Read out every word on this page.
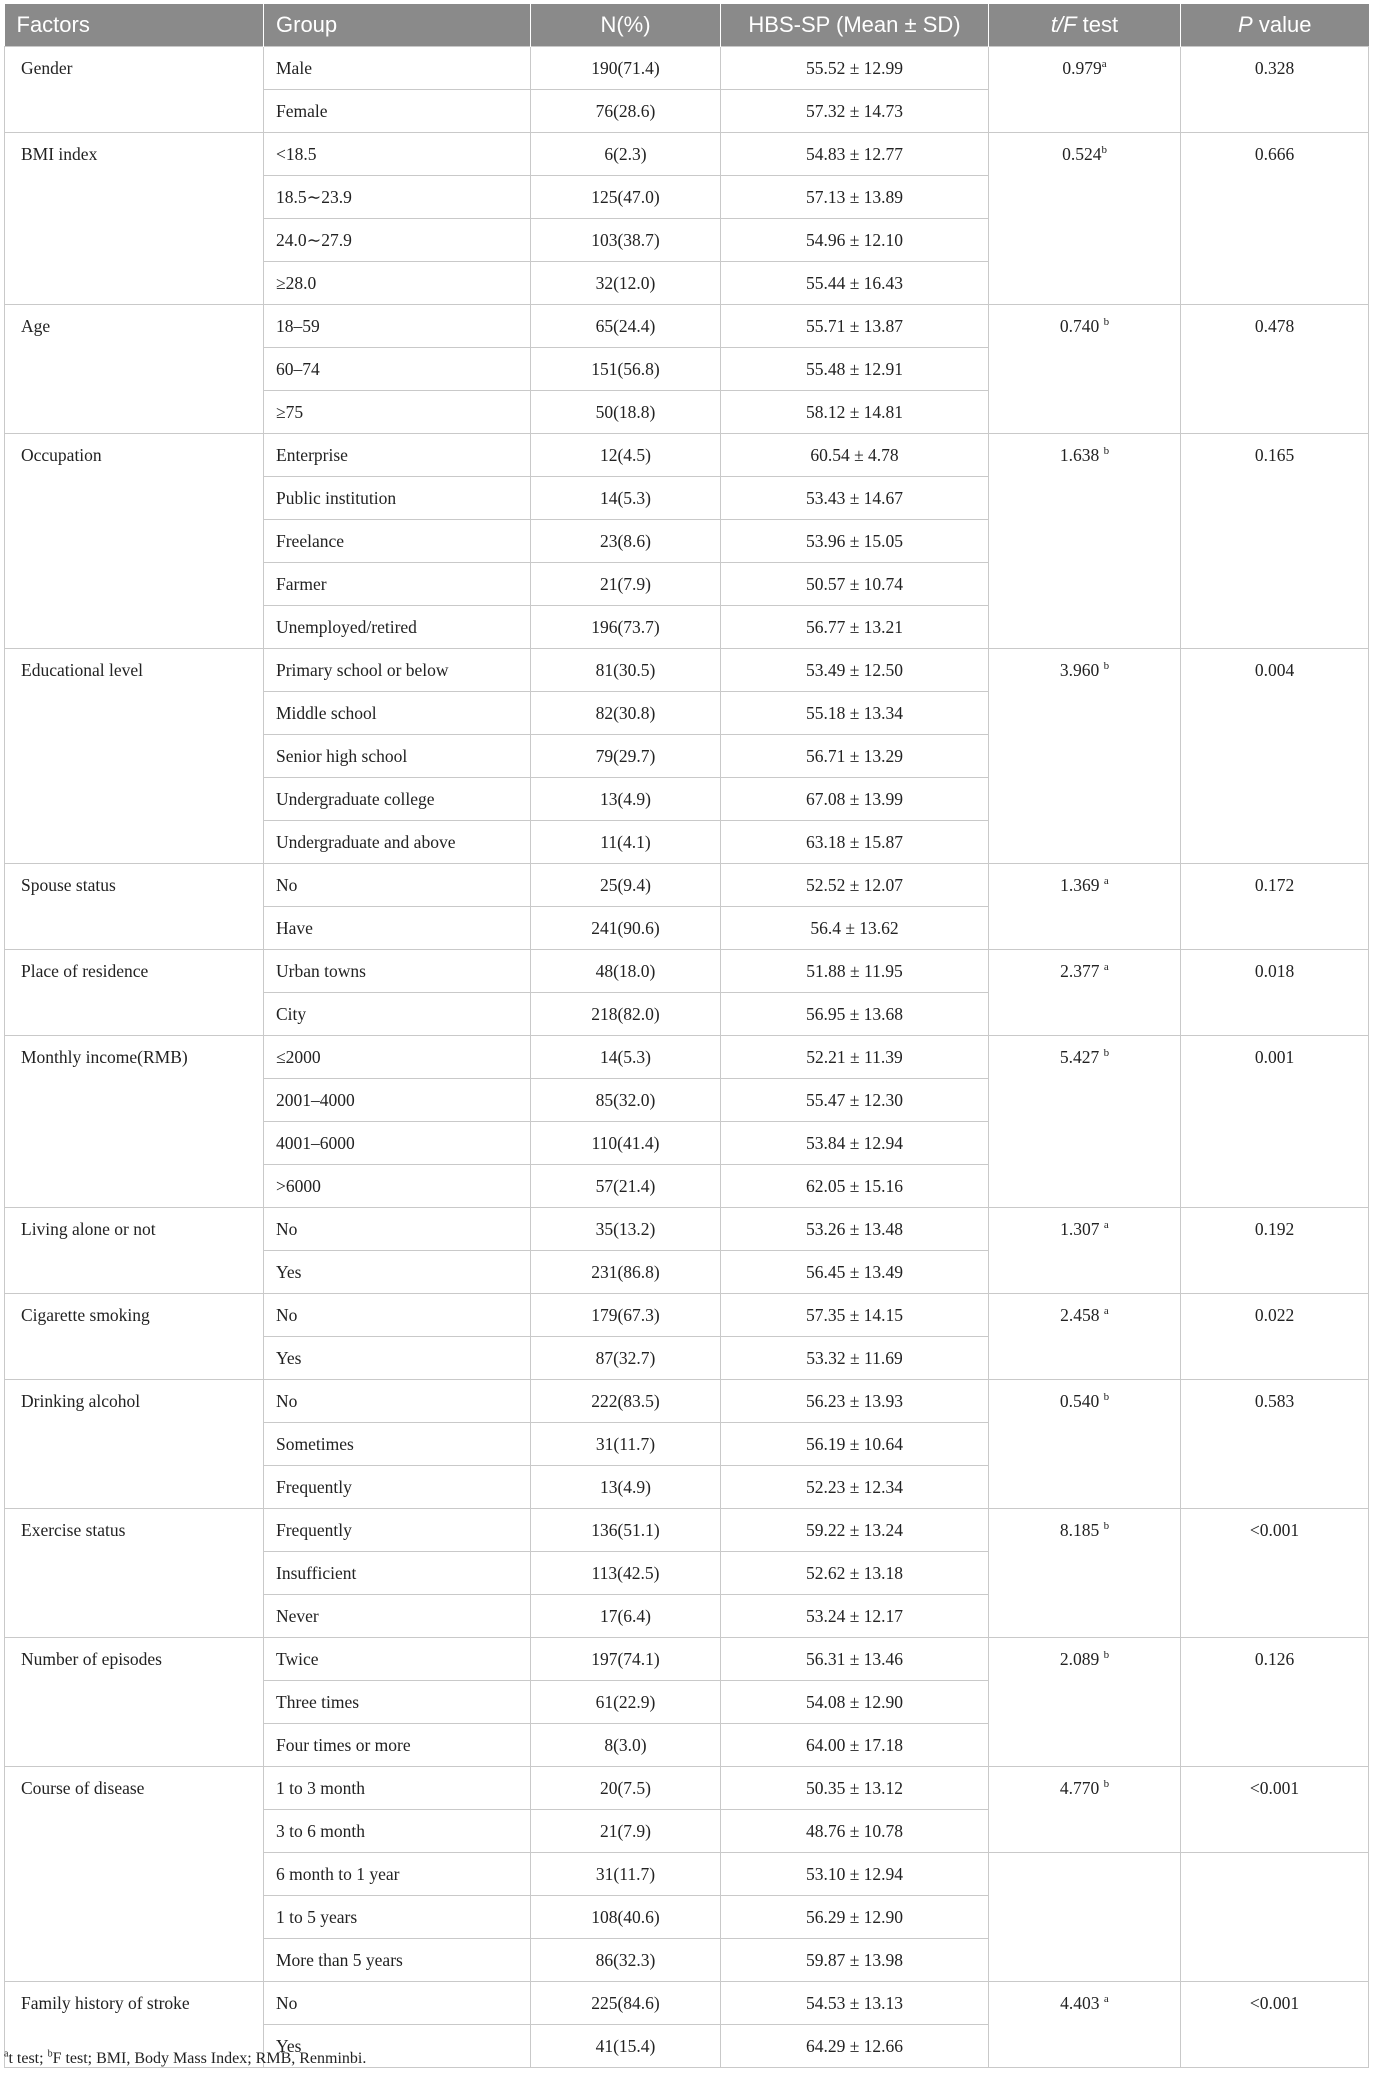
Factors	Group	N(%)	HBS-SP (Mean ± SD)	t/F test	P value
Gender	Male	190(71.4)	55.52 ± 12.99	0.979$^a$	0.328
	Female	76(28.6)	57.32 ± 14.73		
BMI index	<18.5	6(2.3)	54.83 ± 12.77	0.524$^b$	0.666
	18.5∼23.9	125(47.0)	57.13 ± 13.89		
	24.0∼27.9	103(38.7)	54.96 ± 12.10		
	≥28.0	32(12.0)	55.44 ± 16.43		
Age	18–59	65(24.4)	55.71 ± 13.87	0.740 $^b$	0.478
	60–74	151(56.8)	55.48 ± 12.91		
	≥75	50(18.8)	58.12 ± 14.81		
Occupation	Enterprise	12(4.5)	60.54 ± 4.78	1.638 $^b$	0.165
	Public institution	14(5.3)	53.43 ± 14.67		
	Freelance	23(8.6)	53.96 ± 15.05		
	Farmer	21(7.9)	50.57 ± 10.74		
	Unemployed/retired	196(73.7)	56.77 ± 13.21		
Educational level	Primary school or below	81(30.5)	53.49 ± 12.50	3.960 $^b$	0.004
	Middle school	82(30.8)	55.18 ± 13.34		
	Senior high school	79(29.7)	56.71 ± 13.29		
	Undergraduate college	13(4.9)	67.08 ± 13.99		
	Undergraduate and above	11(4.1)	63.18 ± 15.87		
Spouse status	No	25(9.4)	52.52 ± 12.07	1.369 $^a$	0.172
	Have	241(90.6)	56.4 ± 13.62		
Place of residence	Urban towns	48(18.0)	51.88 ± 11.95	2.377 $^a$	0.018
	City	218(82.0)	56.95 ± 13.68		
Monthly income(RMB)	≤2000	14(5.3)	52.21 ± 11.39	5.427 $^b$	0.001
	2001–4000	85(32.0)	55.47 ± 12.30		
	4001–6000	110(41.4)	53.84 ± 12.94		
	>6000	57(21.4)	62.05 ± 15.16		
Living alone or not	No	35(13.2)	53.26 ± 13.48	1.307 $^a$	0.192
	Yes	231(86.8)	56.45 ± 13.49		
Cigarette smoking	No	179(67.3)	57.35 ± 14.15	2.458 $^a$	0.022
	Yes	87(32.7)	53.32 ± 11.69		
Drinking alcohol	No	222(83.5)	56.23 ± 13.93	0.540 $^b$	0.583
	Sometimes	31(11.7)	56.19 ± 10.64		
	Frequently	13(4.9)	52.23 ± 12.34		
Exercise status	Frequently	136(51.1)	59.22 ± 13.24	8.185 $^b$	<0.001
	Insufficient	113(42.5)	52.62 ± 13.18		
	Never	17(6.4)	53.24 ± 12.17		
Number of episodes	Twice	197(74.1)	56.31 ± 13.46	2.089 $^b$	0.126
	Three times	61(22.9)	54.08 ± 12.90		
	Four times or more	8(3.0)	64.00 ± 17.18		
Course of disease	1 to 3 month	20(7.5)	50.35 ± 13.12	4.770 $^b$	<0.001
	3 to 6 month	21(7.9)	48.76 ± 10.78		
	6 month to 1 year	31(11.7)	53.10 ± 12.94		
	1 to 5 years	108(40.6)	56.29 ± 12.90		
	More than 5 years	86(32.3)	59.87 ± 13.98		
Family history of stroke	No	225(84.6)	54.53 ± 13.13	4.403 $^a$	<0.001
	Yes	41(15.4)	64.29 ± 12.66		
$^a$t test; $^b$F test; BMI, Body Mass Index; RMB, Renminbi.
